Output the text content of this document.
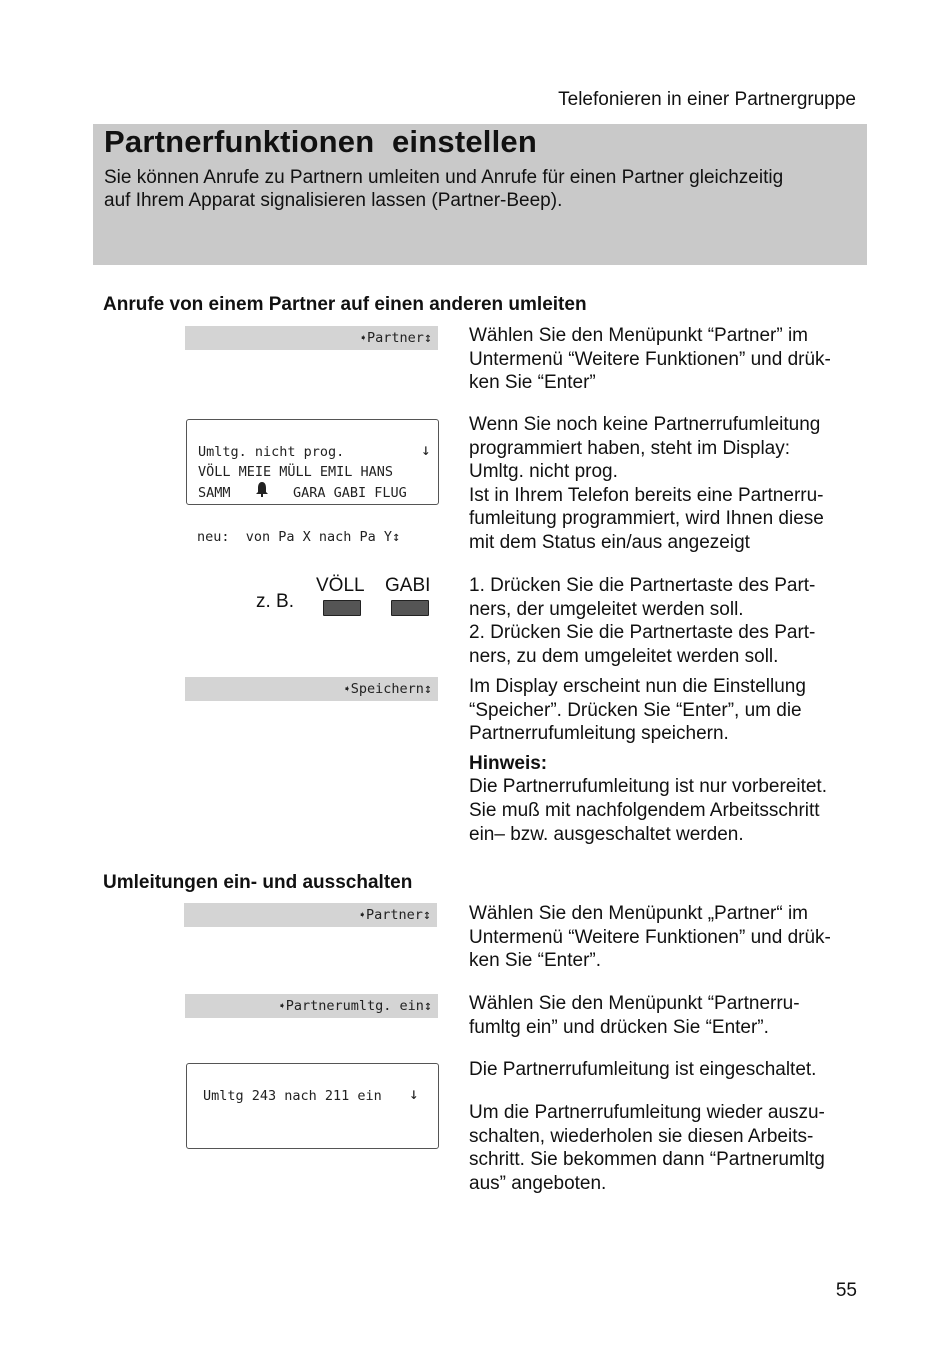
Telefonieren in einer Partnergruppe
Partnerfunktionen  einstellen
Sie können Anrufe zu Partnern umleiten und Anrufe für einen Partner gleichzeitig
auf Ihrem Apparat signalisieren lassen (Partner-Beep).
Anrufe von einem Partner auf einen anderen umleiten
➧ Partner ↕ Wählen Sie den Menüpunkt “Partner” im
Untermenü “Weitere Funktionen” und drük-
ken Sie “Enter”
Umltg. nicht prog.	↓
VÖLL MEIE MÜLL EMIL HANS
SAMM	GARA GABI FLUG
Wenn Sie noch keine Partnerrufumleitung
programmiert haben, steht im Display:
Umltg. nicht prog.
Ist in Ihrem Telefon bereits eine Partnerru-
fumleitung programmiert, wird Ihnen diese
mit dem Status ein/aus angezeigt
neu:  von Pa X nach Pa Y↕
z. B.
VÖLL GABI 1. Drücken Sie die Partnertaste des Part-
ners, der umgeleitet werden soll.
2. Drücken Sie die Partnertaste des Part-
ners, zu dem umgeleitet werden soll.
➧ Speichern ↕ Im Display erscheint nun die Einstellung
“Speicher”. Drücken Sie “Enter”, um die
Partnerrufumleitung speichern.
Hinweis:
Die Partnerrufumleitung ist nur vorbereitet.
Sie muß mit nachfolgendem Arbeitsschritt
ein– bzw. ausgeschaltet werden.
Umleitungen ein- und ausschalten
➧ Partner ↕ Wählen Sie den Menüpunkt „Partner“ im
Untermenü “Weitere Funktionen” und drük-
ken Sie “Enter”.
➧ Partnerumltg. ein ↕ Wählen Sie den Menüpunkt “Partnerru-
fumltg ein” und drücken Sie “Enter”.
Umltg 243 nach 211 ein ↓
Die Partnerrufumleitung ist eingeschaltet.
Um die Partnerrufumleitung wieder auszu-
schalten, wiederholen sie diesen Arbeits-
schritt. Sie bekommen dann “Partnerumltg
aus” angeboten.
55
